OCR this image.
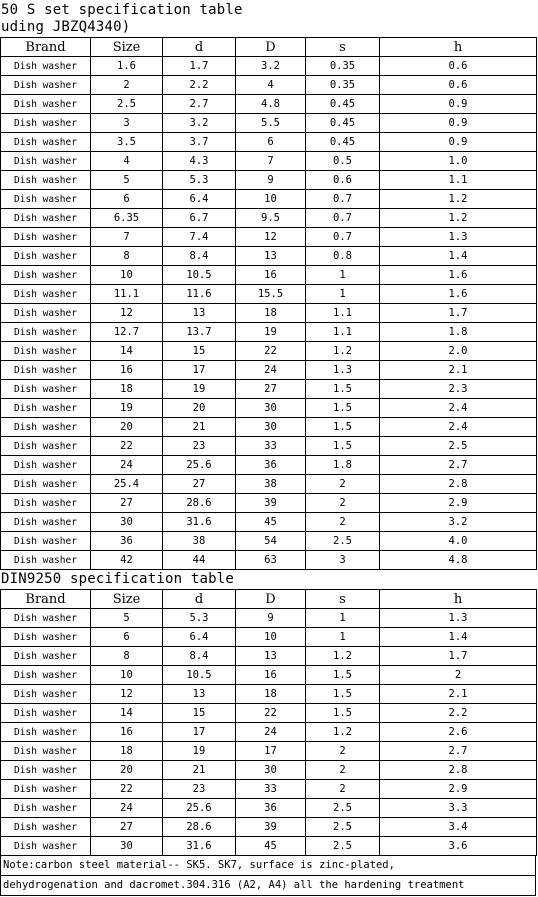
50 S set specification table
uding JBZQ4340)
Brand	Size	d	D	s	h
Dish washer	1.6	1.7	3.2	0.35	0.6
Dish washer	2	2.2	4	0.35	0.6
Dish washer	2.5	2.7	4.8	0.45	0.9
Dish washer	3	3.2	5.5	0.45	0.9
Dish washer	3.5	3.7	6	0.45	0.9
Dish washer	4	4.3	7	0.5	1.0
Dish washer	5	5.3	9	0.6	1.1
Dish washer	6	6.4	10	0.7	1.2
Dish washer	6.35	6.7	9.5	0.7	1.2
Dish washer	7	7.4	12	0.7	1.3
Dish washer	8	8.4	13	0.8	1.4
Dish washer	10	10.5	16	1	1.6
Dish washer	11.1	11.6	15.5	1	1.6
Dish washer	12	13	18	1.1	1.7
Dish washer	12.7	13.7	19	1.1	1.8
Dish washer	14	15	22	1.2	2.0
Dish washer	16	17	24	1.3	2.1
Dish washer	18	19	27	1.5	2.3
Dish washer	19	20	30	1.5	2.4
Dish washer	20	21	30	1.5	2.4
Dish washer	22	23	33	1.5	2.5
Dish washer	24	25.6	36	1.8	2.7
Dish washer	25.4	27	38	2	2.8
Dish washer	27	28.6	39	2	2.9
Dish washer	30	31.6	45	2	3.2
Dish washer	36	38	54	2.5	4.0
Dish washer	42	44	63	3	4.8
DIN9250 specification table
Brand	Size	d	D	s	h
Dish washer	5	5.3	9	1	1.3
Dish washer	6	6.4	10	1	1.4
Dish washer	8	8.4	13	1.2	1.7
Dish washer	10	10.5	16	1.5	2
Dish washer	12	13	18	1.5	2.1
Dish washer	14	15	22	1.5	2.2
Dish washer	16	17	24	1.2	2.6
Dish washer	18	19	17	2	2.7
Dish washer	20	21	30	2	2.8
Dish washer	22	23	33	2	2.9
Dish washer	24	25.6	36	2.5	3.3
Dish washer	27	28.6	39	2.5	3.4
Dish washer	30	31.6	45	2.5	3.6
Note:carbon steel material-- SK5. SK7, surface is zinc-plated,
dehydrogenation and dacromet.304.316 (A2, A4) all the hardening treatment
